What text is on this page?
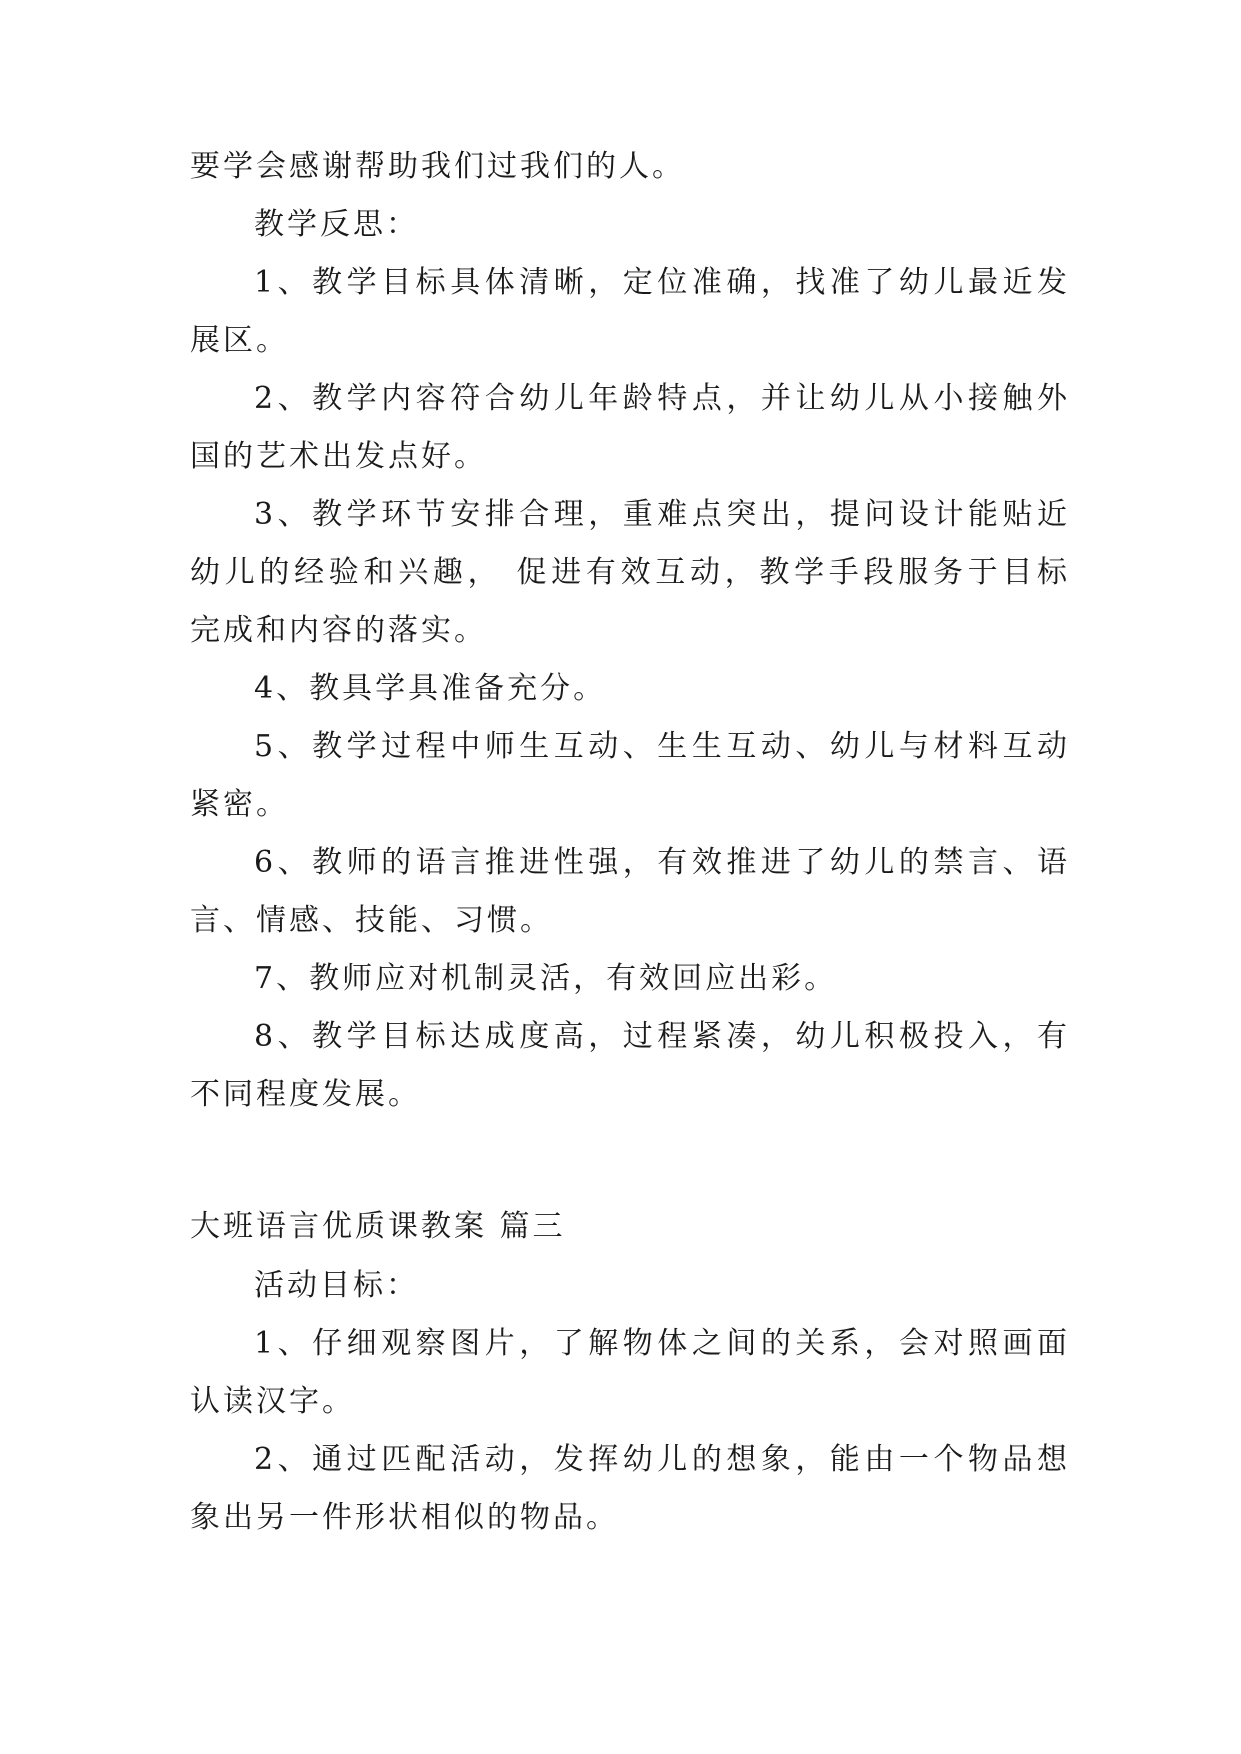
要学会感谢帮助我们过我们的人。
教学反思：
1、教学目标具体清晰，定位准确，找准了幼儿最近发
展区。
2、教学内容符合幼儿年龄特点，并让幼儿从小接触外
国的艺术出发点好。
3、教学环节安排合理，重难点突出，提问设计能贴近
幼儿的经验和兴趣， 促进有效互动，教学手段服务于目标
完成和内容的落实。
4、教具学具准备充分。
5、教学过程中师生互动、生生互动、幼儿与材料互动
紧密。
6、教师的语言推进性强，有效推进了幼儿的禁言、语
言、情感、技能、习惯。
7、教师应对机制灵活，有效回应出彩。
8、教学目标达成度高，过程紧凑，幼儿积极投入，有
不同程度发展。
大班语言优质课教案 篇三
活动目标：
1、仔细观察图片，了解物体之间的关系，会对照画面
认读汉字。
2、通过匹配活动，发挥幼儿的想象，能由一个物品想
象出另一件形状相似的物品。
